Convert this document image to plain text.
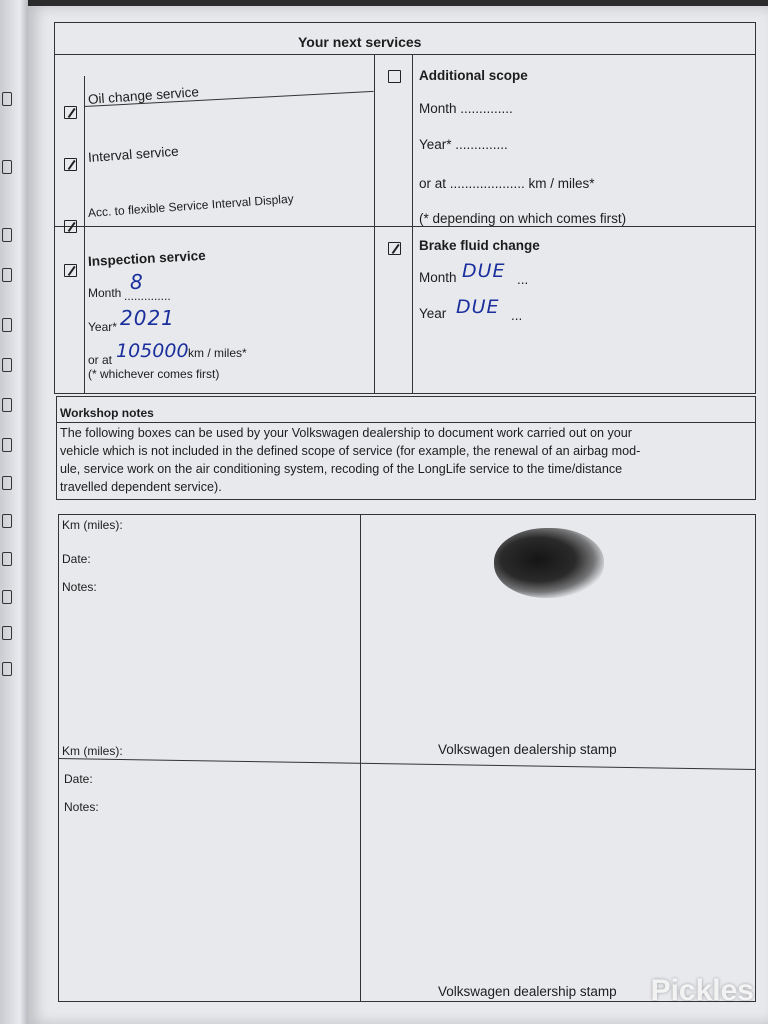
Your next services
Oil change service
Interval service
Acc. to flexible Service Interval Display
Additional scope
Month ..............
Year* ..............
or at .................... km / miles*
(* depending on which comes first)
Inspection service
Month ..............
8
Year* 2021
or at 105000 km / miles*
(* whichever comes first)
Brake fluid change
Month DUE ...
Year DUE ...
Workshop notes
The following boxes can be used by your Volkswagen dealership to document work carried out on your
vehicle which is not included in the defined scope of service (for example, the renewal of an airbag mod-
ule, service work on the air conditioning system, recoding of the LongLife service to the time/distance
travelled dependent service).
Km (miles):
Date:
Notes:
Volkswagen dealership stamp
Km (miles):
Date:
Notes:
Volkswagen dealership stamp Pickles
